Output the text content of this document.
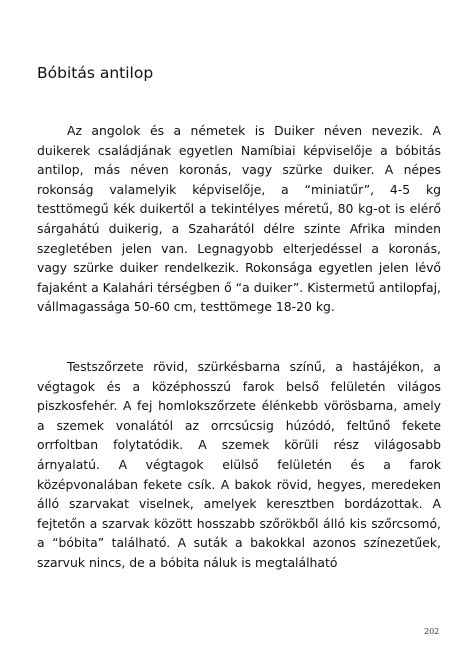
Bóbitás antilop

Az angolok és a németek is Duiker néven nevezik. A duikerek családjának egyetlen Namíbiai képviselője a bóbitás antilop, más néven koronás, vagy szürke duiker. A népes rokonság valamelyik képviselője, a “miniatűr”, 4-5 kg testtömegű kék duikertől a tekintélyes méretű, 80 kg-ot is elérő sárgahátú duikerig, a Szaharától délre szinte Afrika minden szegletében jelen van. Legnagyobb elterjedéssel a koronás, vagy szürke duiker rendelkezik. Rokonsága egyetlen jelen lévő fajaként a Kalahári térségben ő “a duiker”. Kistermetű antilopfaj, vállmagassága 50-60 cm, testtömege 18-20 kg.

Testszőrzete rövid, szürkésbarna színű, a hastájékon, a végtagok és a középhosszú farok belső felületén világos piszkosfehér. A fej homlokszőrzete élénkebb vörösbarna, amely a szemek vonalától az orrcsúcsig húzódó, feltűnő fekete orrfoltban folytatódik. A szemek körüli rész világosabb árnyalatú. A végtagok elülső felületén és a farok középvonalában fekete csík. A bakok rövid, hegyes, meredeken álló szarvakat viselnek, amelyek keresztben bordázottak. A fejtetőn a szarvak között hosszabb szőrökből álló kis szőrcsomó, a “bóbita” található. A suták a bakokkal azonos színezetűek, szarvuk nincs, de a bóbita náluk is megtalálható

202
